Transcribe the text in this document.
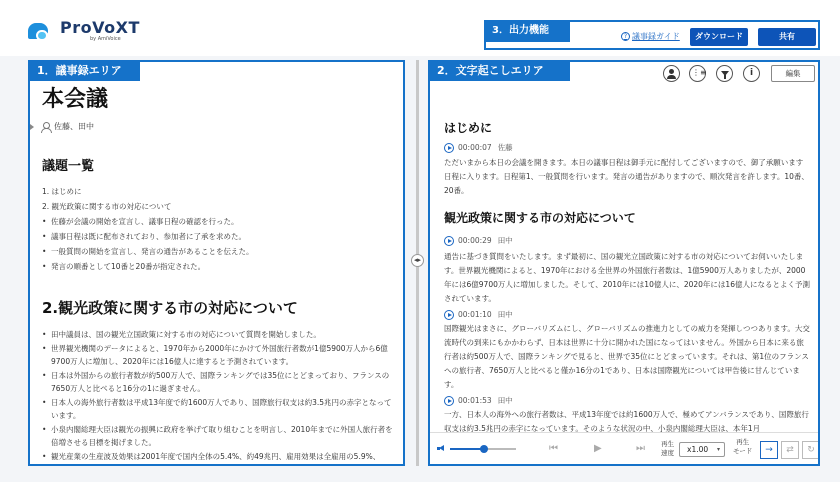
ProVoXT
by AmiVoice
3．出力機能
? 議事録ガイド	ダウンロード	共有
本会議
佐藤、田中
議題一覧
1. はじめに
2. 観光政策に関する市の対応について
• 佐藤が会議の開始を宣言し、議事日程の確認を行った。
• 議事日程は既に配布されており、参加者に了承を求めた。
• 一般質問の開始を宣言し、発言の通告があることを伝えた。
• 発言の順番として10番と20番が指定された。
2.観光政策に関する市の対応について
• 田中議員は、国の観光立国政策に対する市の対応について質問を開始しました。
• 世界観光機関のデータによると、1970年から2000年にかけて外国旅行者数が1億5900万人から6億9700万人に増加し、2020年には16億人に達すると予測されています。
• 日本は外国からの旅行者数が約500万人で、国際ランキングでは35位にとどまっており、フランスの7650万人と比べると16分の1に過ぎません。
• 日本人の海外旅行者数は平成13年度で約1600万人であり、国際旅行収支は約3.5兆円の赤字となっています。
• 小泉内閣総理大臣は観光の振興に政府を挙げて取り組むことを明言し、2010年までに外国人旅行者を倍増させる目標を掲げました。
• 観光産業の生産波及効果は2001年度で国内全体の5.4%、約49兆円、雇用効果は全雇用の5.9%、
1．議事録エリア
◂▸
⋮≡
i
編集
はじめに
00:00:07 佐藤
ただいまから本日の会議を開きます。本日の議事日程は御手元に配付してございますので、御了承願います日程に入ります。日程第1、一般質問を行います。発言の通告がありますので、順次発言を許します。10番、20番。
観光政策に関する市の対応について
00:00:29 田中
通告に基づき質問をいたします。まず最初に、国の観光立国政策に対する市の対応についてお伺いいたします。世界観光機関によると、1970年における全世界の外国旅行者数は、1億5900万人ありましたが、2000年には6億9700万人に増加しました。そして、2010年には10億人に、2020年には16億人になるとよく予測されています。
00:01:10 田中
国際観光はまさに、グローバリズムにし、グローバリズムの推進力としての威力を発揮しつつあります。大交流時代の到来にもかかわらず、日本は世界に十分に開かれた国になってはいません。外国から日本に来る旅行者は約500万人で、国際ランキングで見ると、世界で35位にとどまっています。それは、第1位のフランスへの旅行者、7650万人と比べると僅か16分の1であり、日本は国際観光については甲告後に甘んじています。
00:01:53 田中
一方、日本人の海外への旅行者数は、平成13年度では約1600万人で、極めてアンバランスであり、国際旅行収支は約3.5兆円の赤字になっています。そのような状況の中、小泉内閣総理大臣は、本年1月
⏮	▶	⏭ 再生
速度	x1.00 ▾
再生
モード	→	⇄	↻
2．文字起こしエリア
